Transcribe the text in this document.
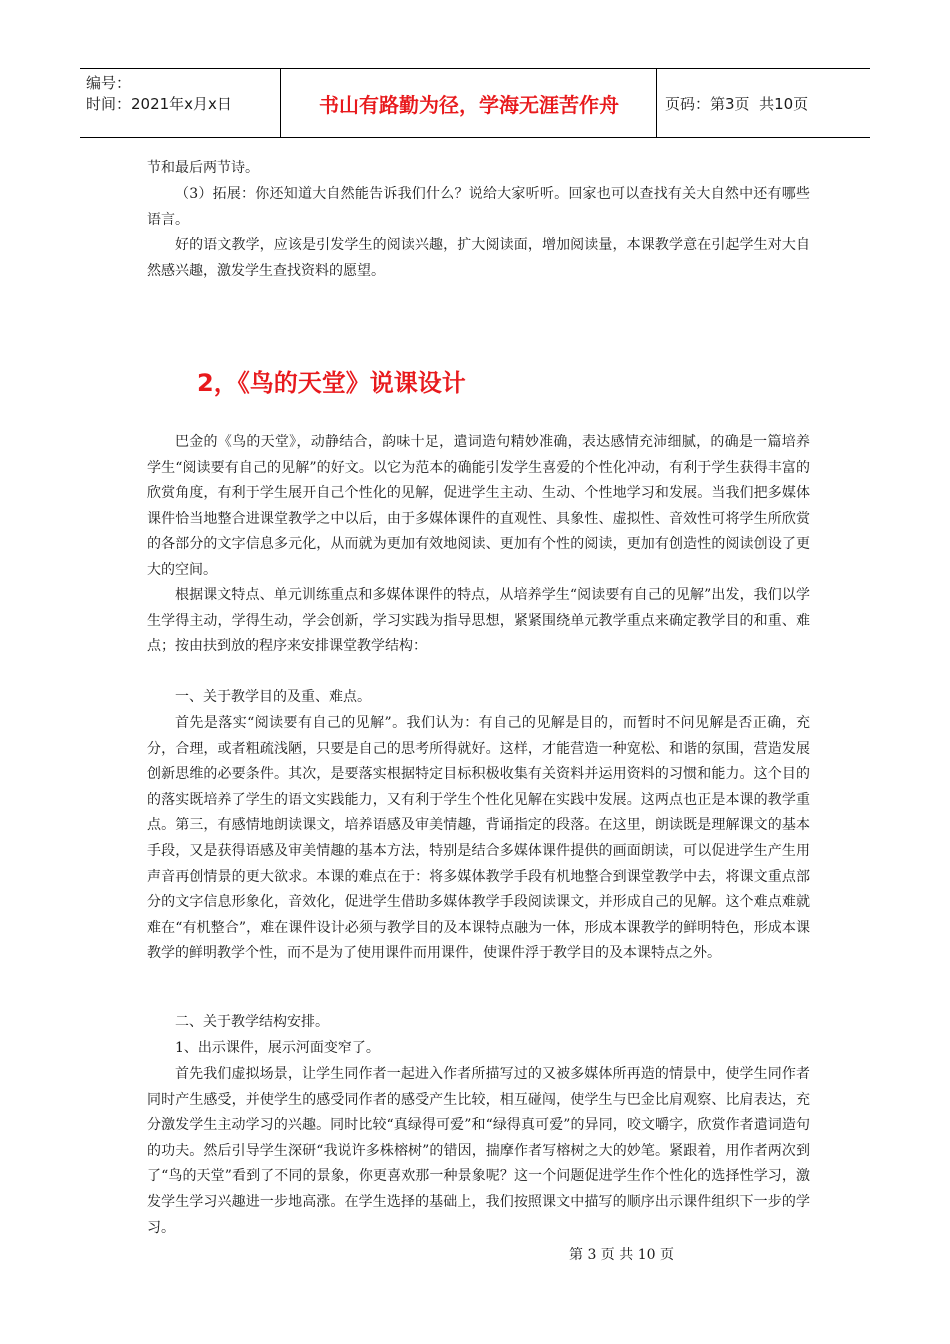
编号：
时间：2021年x月x日	书山有路勤为径，学海无涯苦作舟	页码：第3页  共10页

节和最后两节诗。

（3）拓展：你还知道大自然能告诉我们什么？说给大家听听。回家也可以查找有关大自然中还有哪些语言。

好的语文教学，应该是引发学生的阅读兴趣，扩大阅读面，增加阅读量，本课教学意在引起学生对大自然感兴趣，激发学生查找资料的愿望。

2，《鸟的天堂》说课设计

巴金的《鸟的天堂》，动静结合，韵味十足，遣词造句精妙准确，表达感情充沛细腻，的确是一篇培养学生“阅读要有自己的见解”的好文。以它为范本的确能引发学生喜爱的个性化冲动，有利于学生获得丰富的欣赏角度，有利于学生展开自己个性化的见解，促进学生主动、生动、个性地学习和发展。当我们把多媒体课件恰当地整合进课堂教学之中以后，由于多媒体课件的直观性、具象性、虚拟性、音效性可将学生所欣赏的各部分的文字信息多元化，从而就为更加有效地阅读、更加有个性的阅读，更加有创造性的阅读创设了更大的空间。

根据课文特点、单元训练重点和多媒体课件的特点，从培养学生“阅读要有自己的见解”出发，我们以学生学得主动，学得生动，学会创新，学习实践为指导思想，紧紧围绕单元教学重点来确定教学目的和重、难点；按由扶到放的程序来安排课堂教学结构：

一、关于教学目的及重、难点。

首先是落实“阅读要有自己的见解”。我们认为：有自己的见解是目的，而暂时不问见解是否正确，充分，合理，或者粗疏浅陋，只要是自己的思考所得就好。这样，才能营造一种宽松、和谐的氛围，营造发展创新思维的必要条件。其次，是要落实根据特定目标积极收集有关资料并运用资料的习惯和能力。这个目的的落实既培养了学生的语文实践能力，又有利于学生个性化见解在实践中发展。这两点也正是本课的教学重点。第三，有感情地朗读课文，培养语感及审美情趣，背诵指定的段落。在这里，朗读既是理解课文的基本手段，又是获得语感及审美情趣的基本方法，特别是结合多媒体课件提供的画面朗读，可以促进学生产生用声音再创情景的更大欲求。本课的难点在于：将多媒体教学手段有机地整合到课堂教学中去，将课文重点部分的文字信息形象化，音效化，促进学生借助多媒体教学手段阅读课文，并形成自己的见解。这个难点难就难在“有机整合”，难在课件设计必须与教学目的及本课特点融为一体，形成本课教学的鲜明特色，形成本课教学的鲜明教学个性，而不是为了使用课件而用课件，使课件浮于教学目的及本课特点之外。

二、关于教学结构安排。

1、出示课件，展示河面变窄了。

首先我们虚拟场景，让学生同作者一起进入作者所描写过的又被多媒体所再造的情景中，使学生同作者同时产生感受，并使学生的感受同作者的感受产生比较，相互碰闯，使学生与巴金比肩观察、比肩表达，充分激发学生主动学习的兴趣。同时比较“真绿得可爱”和“绿得真可爱”的异同，咬文嚼字，欣赏作者遣词造句的功夫。然后引导学生深研“我说许多株榕树”的错因，揣摩作者写榕树之大的妙笔。紧跟着，用作者两次到了“鸟的天堂”看到了不同的景象，你更喜欢那一种景象呢？这一个问题促进学生作个性化的选择性学习，激发学生学习兴趣进一步地高涨。在学生选择的基础上，我们按照课文中描写的顺序出示课件组织下一步的学习。

第 3 页 共 10 页
